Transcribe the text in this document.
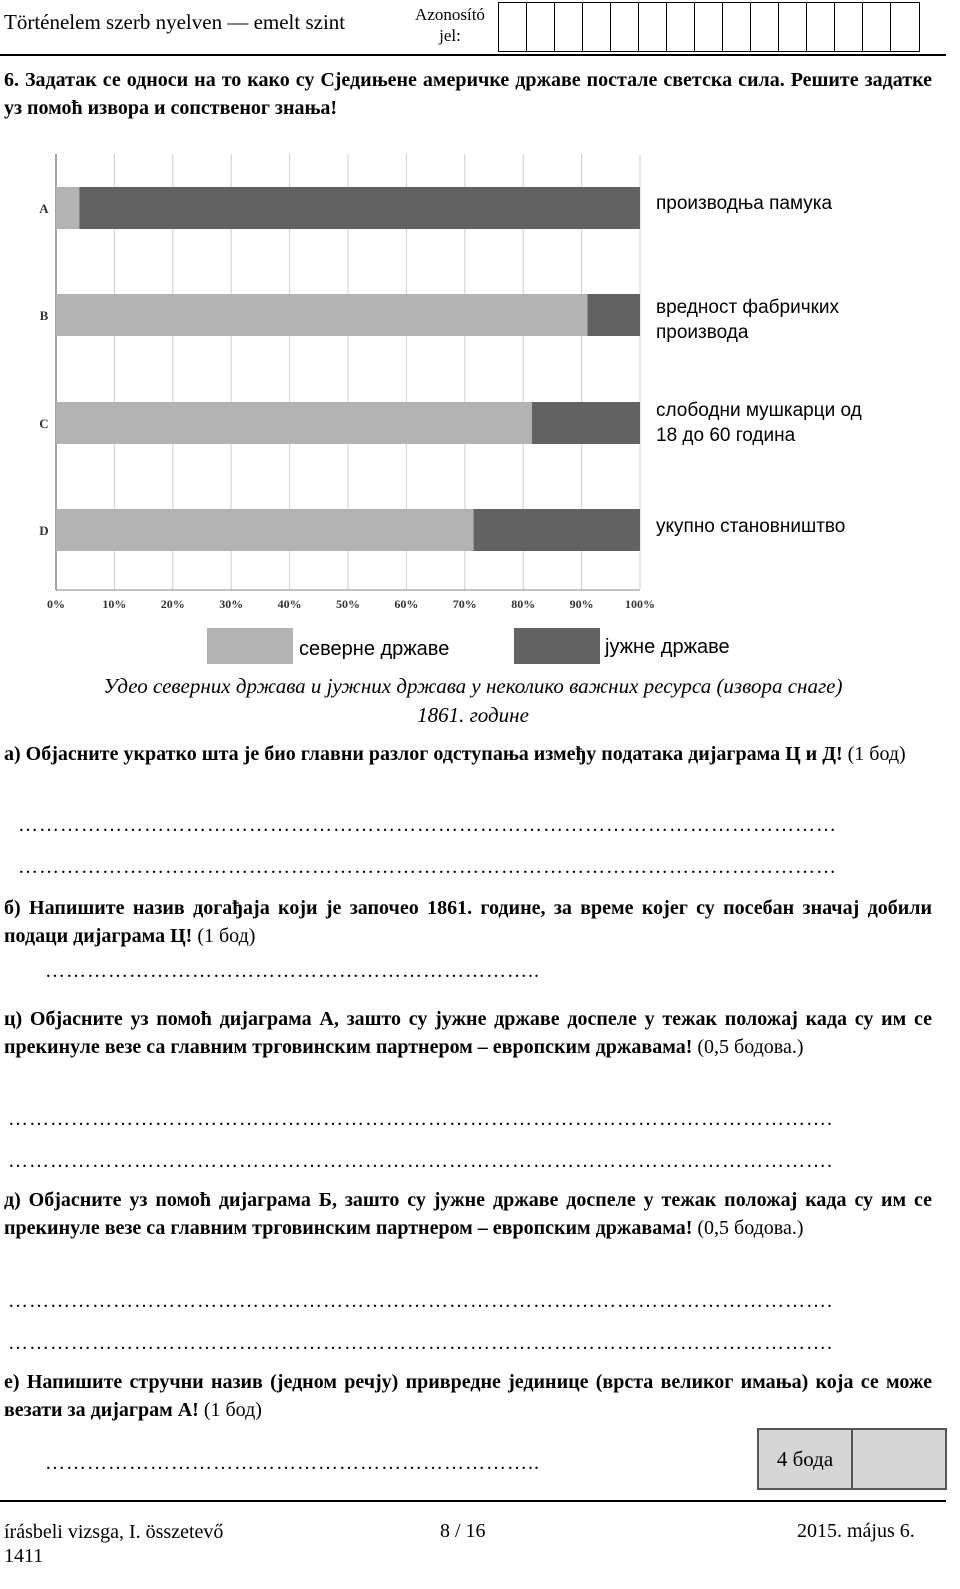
Történelem szerb nyelven — emelt szint	Azonosító
jel:
6. Задатак се односи на то како су Сједињене америчке државе постале светска сила. Решите задатке уз помоћ извора и сопственог знања!
0%	10%	20%	30%	40%	50%	60%	70%	80%	90%	100%
A
B
C
D
производња памука
вредност фабричких производа
слободни мушкарци од 18 до 60 година
укупно становништво
северне државе	јужне државе
Удео северних држава и јужних држава у неколико важних ресурса (извора снаге)
1861. године
а) Објасните укратко шта је био главни разлог одступања између података дијаграма Ц и Д! (1 бод)
………………………………………………………………………………………………………
………………………………………………………………………………………………………
б) Напишите назив догађаја који је започео 1861. године, за време којег су посебан значај добили подаци дијаграма Ц! (1 бод)
……………………………………………………………..
ц) Објасните уз помоћ дијаграма А, зашто су јужне државе доспеле у тежак положај када су им се прекинуле везе са главним трговинским партнером – европским државама! (0,5 бодова.)
……………………………………………………………………………………………………….
……………………………………………………………………………………………………….
д) Објасните уз помоћ дијаграма Б, зашто су јужне државе доспеле у тежак положај када су им се прекинуле везе са главним трговинским партнером – европским државама! (0,5 бодова.)
……………………………………………………………………………………………………….
……………………………………………………………………………………………………….
е) Напишите стручни назив (једном речју) привредне јединице (врста великог имања) која се може везати за дијаграм А! (1 бод)
……………………………………………………………..	4 бода
írásbeli vizsga, I. összetevő
1411
8 / 16	2015. május 6.
